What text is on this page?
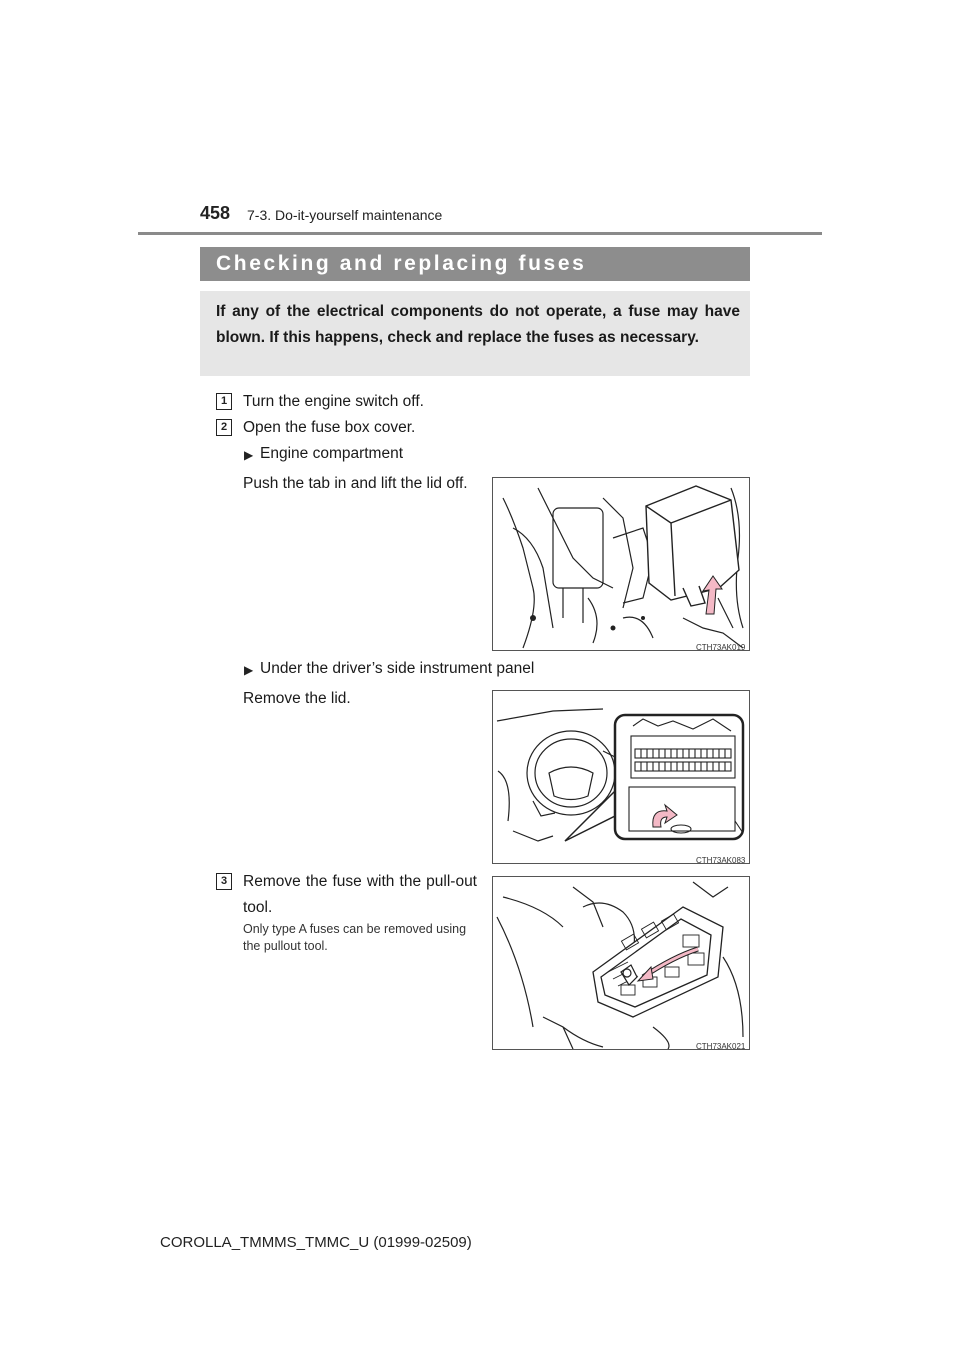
458 7-3. Do-it-yourself maintenance
Checking and replacing fuses
If any of the electrical components do not operate, a fuse may have blown. If this happens, check and replace the fuses as necessary.
1	Turn the engine switch off.
2	Open the fuse box cover.
▶ Engine compartment
Push the tab in and lift the lid off.
CTH73AK019
▶ Under the driver’s side instrument panel
Remove the lid.
CTH73AK083
3	Remove the fuse with the pull-out tool.
Only type A fuses can be removed using the pullout tool.
CTH73AK021
COROLLA_TMMMS_TMMC_U (01999-02509)
